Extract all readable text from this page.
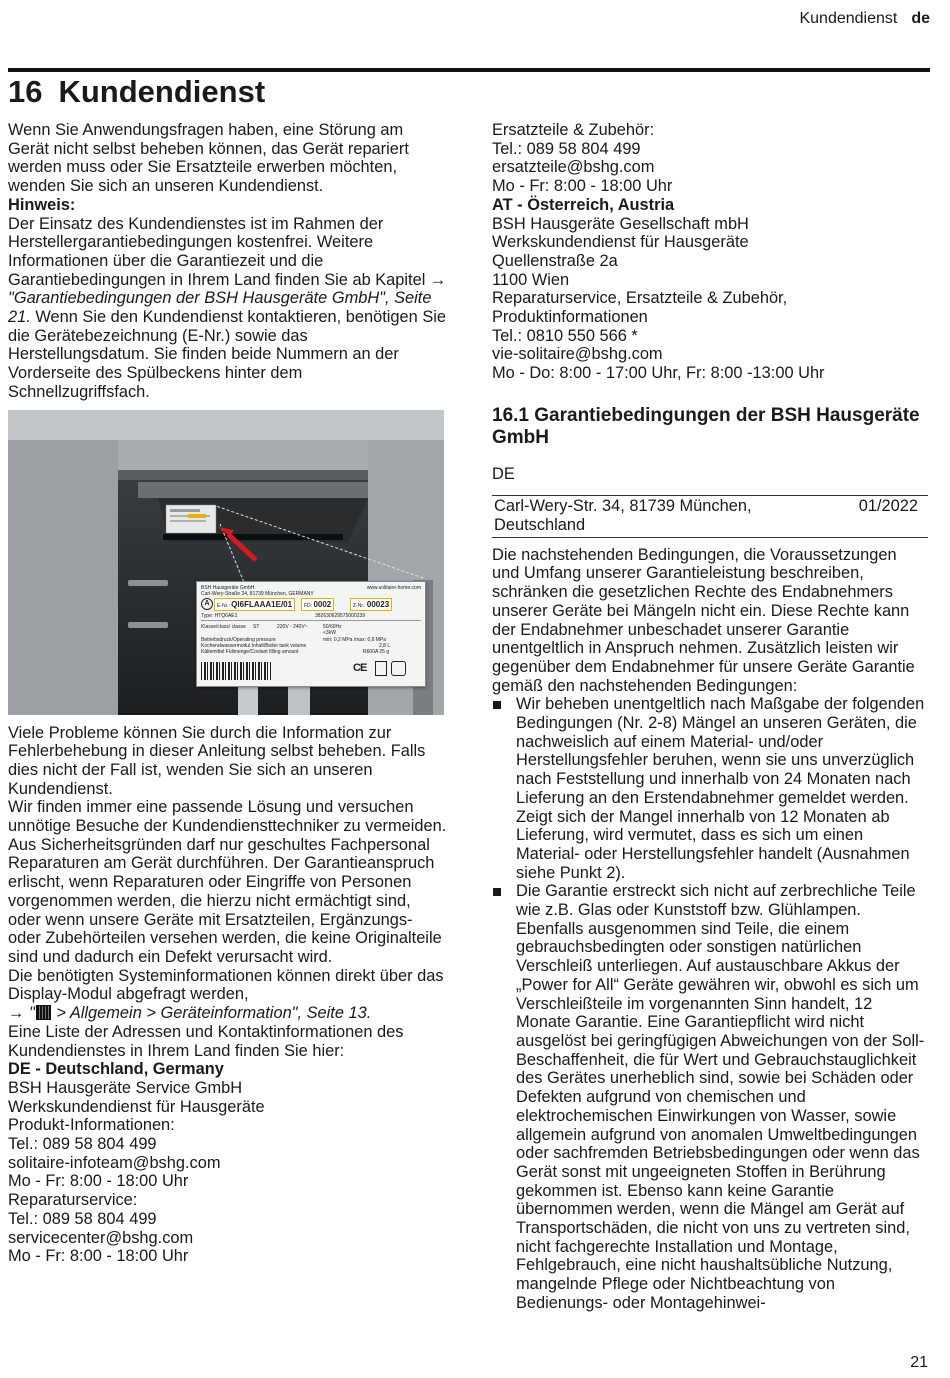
Kundendienst de
16 Kundendienst

Wenn Sie Anwendungsfragen haben, eine Störung am Gerät nicht selbst beheben können, das Gerät repariert werden muss oder Sie Ersatzteile erwerben möchten, wenden Sie sich an unseren Kundendienst.

Hinweis:

Der Einsatz des Kundendienstes ist im Rahmen der Herstellergarantiebedingungen kostenfrei. Weitere Informationen über die Garantiezeit und die Garantiebedingungen in Ihrem Land finden Sie ab Kapitel → "Garantiebedingungen der BSH Hausgeräte GmbH", Seite 21. Wenn Sie den Kundendienst kontaktieren, benötigen Sie die Gerätebezeichnung (E-Nr.) sowie das Herstellungsdatum. Sie finden beide Nummern an der Vorderseite des Spülbeckens hinter dem Schnellzugriffsfach.

BSH Hausgeräte GmbH
Carl-Wery-Straße 34, 81739 München, GERMANY
www.solitaire-home.com
A	E-Nr.: QI6FLAAA1E/01	FD: 0002	Z-Nr.: 00023
Type: HTQ6AE1	382630629575000239
Klasse/class/ classe ST	220V - 240V~	50/60Hz
<3kW
Betriebsdruck/Operating pressure	min: 0,2 MPa /max: 0,6 MPa
Kochendwassermodul Inhalt/Boiler tank volume	2,8 L
Kältemittel Füllmenge/Coolant filling amount	R600A 25 g
CE

Viele Probleme können Sie durch die Information zur Fehlerbehebung in dieser Anleitung selbst beheben. Falls dies nicht der Fall ist, wenden Sie sich an unseren Kundendienst.

Wir finden immer eine passende Lösung und versuchen unnötige Besuche der Kundendiensttechniker zu vermeiden.

Aus Sicherheitsgründen darf nur geschultes Fachpersonal Reparaturen am Gerät durchführen. Der Garantieanspruch erlischt, wenn Reparaturen oder Eingriffe von Personen vorgenommen werden, die hierzu nicht ermächtigt sind, oder wenn unsere Geräte mit Ersatzteilen, Ergänzungs- oder Zubehörteilen versehen werden, die keine Originalteile sind und dadurch ein Defekt verursacht wird.

Die benötigten Systeminformationen können direkt über das Display-Modul abgefragt werden,

→ " > Allgemein > Geräteinformation", Seite 13.

Eine Liste der Adressen und Kontaktinformationen des Kundendienstes in Ihrem Land finden Sie hier:

DE - Deutschland, Germany

BSH Hausgeräte Service GmbH

Werkskundendienst für Hausgeräte

Produkt-Informationen:

Tel.: 089 58 804 499

solitaire-infoteam@bshg.com

Mo - Fr: 8:00 - 18:00 Uhr

Reparaturservice:

Tel.: 089 58 804 499

servicecenter@bshg.com

Mo - Fr: 8:00 - 18:00 Uhr

Ersatzteile & Zubehör:

Tel.: 089 58 804 499

ersatzteile@bshg.com

Mo - Fr: 8:00 - 18:00 Uhr

AT - Österreich, Austria

BSH Hausgeräte Gesellschaft mbH

Werkskundendienst für Hausgeräte

Quellenstraße 2a

1100 Wien

Reparaturservice, Ersatzteile & Zubehör, Produktinformationen

Tel.: 0810 550 566 *

vie-solitaire@bshg.com

Mo - Do: 8:00 - 17:00 Uhr, Fr: 8:00 -13:00 Uhr

16.1 Garantiebedingungen der BSH Hausgeräte GmbH

DE

Carl-Wery-Str. 34, 81739 München, Deutschland
01/2022

Die nachstehenden Bedingungen, die Voraussetzungen und Umfang unserer Garantieleistung beschreiben, schränken die gesetzlichen Rechte des Endabnehmers unserer Geräte bei Mängeln nicht ein. Diese Rechte kann der Endabnehmer unbeschadet unserer Garantie unentgeltlich in Anspruch nehmen. Zusätzlich leisten wir gegenüber dem Endabnehmer für unsere Geräte Garantie gemäß den nachstehenden Bedingungen:

Wir beheben unentgeltlich nach Maßgabe der folgenden Bedingungen (Nr. 2-8) Mängel an unseren Geräten, die nachweislich auf einem Material- und/oder Herstellungsfehler beruhen, wenn sie uns unverzüglich nach Feststellung und innerhalb von 24 Monaten nach Lieferung an den Erstendabnehmer gemeldet werden. Zeigt sich der Mangel innerhalb von 12 Monaten ab Lieferung, wird vermutet, dass es sich um einen Material- oder Herstellungsfehler handelt (Ausnahmen siehe Punkt 2).
Die Garantie erstreckt sich nicht auf zerbrechliche Teile wie z.B. Glas oder Kunststoff bzw. Glühlampen. Ebenfalls ausgenommen sind Teile, die einem gebrauchsbedingten oder sonstigen natürlichen Verschleiß unterliegen. Auf austauschbare Akkus der „Power for All“ Geräte gewähren wir, obwohl es sich um Verschleißteile im vorgenannten Sinn handelt, 12 Monate Garantie. Eine Garantiepflicht wird nicht ausgelöst bei geringfügigen Abweichungen von der Soll-Beschaffenheit, die für Wert und Gebrauchstauglichkeit des Gerätes unerheblich sind, sowie bei Schäden oder Defekten aufgrund von chemischen und elektrochemischen Einwirkungen von Wasser, sowie allgemein aufgrund von anomalen Umweltbedingungen oder sachfremden Betriebsbedingungen oder wenn das Gerät sonst mit ungeeigneten Stoffen in Berührung gekommen ist. Ebenso kann keine Garantie übernommen werden, wenn die Mängel am Gerät auf Transportschäden, die nicht von uns zu vertreten sind, nicht fachgerechte Installation und Montage, Fehlgebrauch, eine nicht haushaltsübliche Nutzung, mangelnde Pflege oder Nichtbeachtung von Bedienungs- oder Montagehinwei-
21
